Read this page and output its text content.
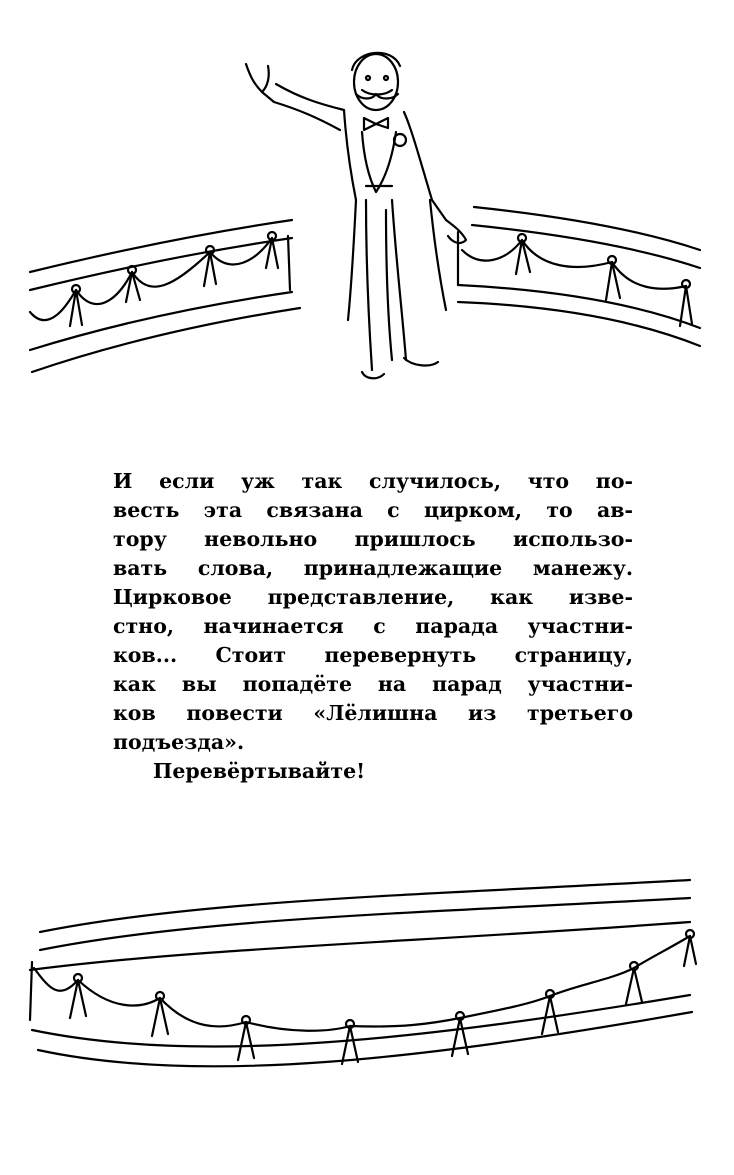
И если уж так случилось, что по-
весть эта связана с цирком, то ав-
тору невольно пришлось использо-
вать слова, принадлежащие манежу.
Цирковое представление, как изве-
стно, начинается с парада участни-
ков... Стоит перевернуть страницу,
как вы попадёте на парад участни-
ков повести «Лёлишна из третьего
подъезда».
Перевёртывайте!
